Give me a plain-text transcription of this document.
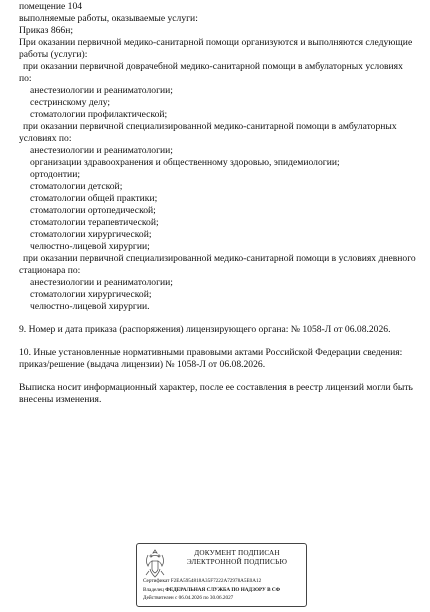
помещение 104
выполняемые работы, оказываемые услуги:
Приказ 866н;
При оказании первичной медико-санитарной помощи организуются и выполняются следующие
работы (услуги):
при оказании первичной доврачебной медико-санитарной помощи в амбулаторных условиях
по:
анестезиологии и реаниматологии;
сестринскому делу;
стоматологии профилактической;
при оказании первичной специализированной медико-санитарной помощи в амбулаторных
условиях по:
анестезиологии и реаниматологии;
организации здравоохранения и общественному здоровью, эпидемиологии;
ортодонтии;
стоматологии детской;
стоматологии общей практики;
стоматологии ортопедической;
стоматологии терапевтической;
стоматологии хирургической;
челюстно-лицевой хирургии;
при оказании первичной специализированной медико-санитарной помощи в условиях дневного
стационара по:
анестезиологии и реаниматологии;
стоматологии хирургической;
челюстно-лицевой хирургии.
9. Номер и дата приказа (распоряжения) лицензирующего органа: № 1058-Л от 06.08.2026.
10. Иные установленные нормативными правовыми актами Российской Федерации сведения:
приказ/решение (выдача лицензии) № 1058-Л от 06.08.2026.
Выписка носит информационный характер, после ее составления в реестр лицензий могли быть
внесены изменения.
ДОКУМЕНТ ПОДПИСАН
ЭЛЕКТРОННОЙ ПОДПИСЬЮ
Сертификат F2EA5954818A35F7222A72978A5E0A12
Владелец ФЕДЕРАЛЬНАЯ СЛУЖБА ПО НАДЗОРУ В СФ
Действителен с 06.04.2026 по 30.06.2027
